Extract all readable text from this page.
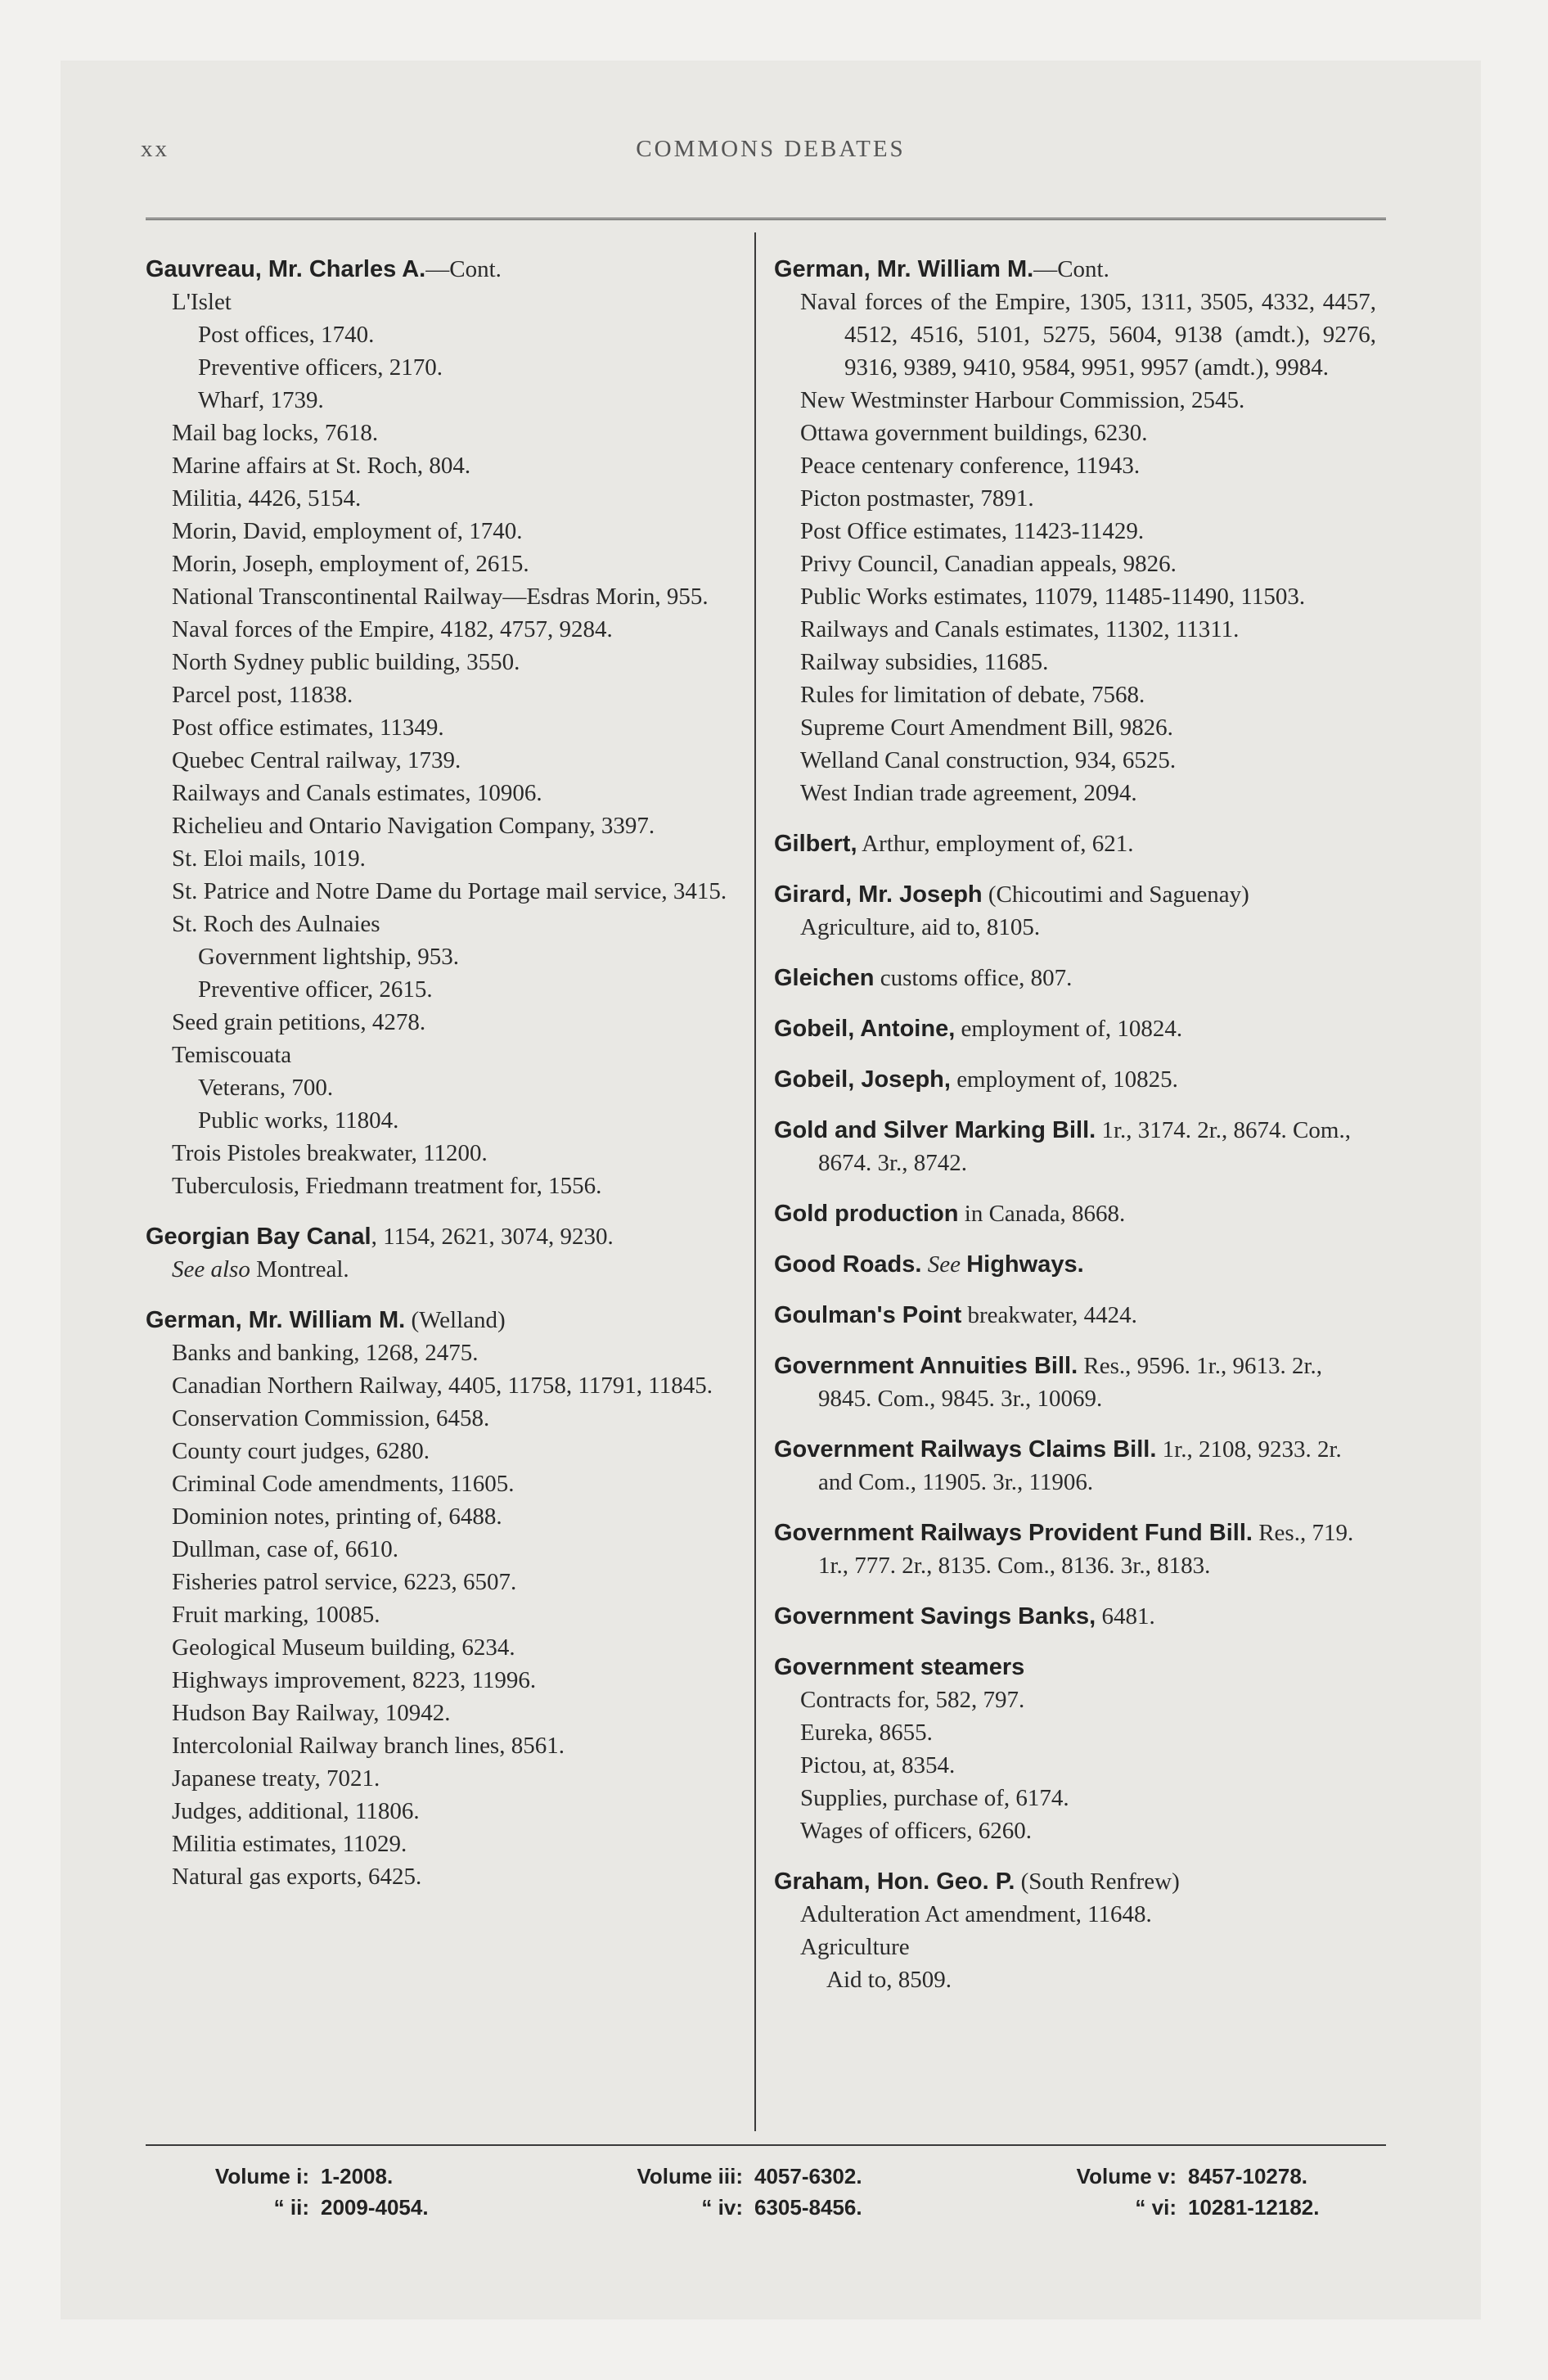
xx	COMMONS DEBATES
Gauvreau, Mr. Charles A.—Cont.
L'Islet
Post offices, 1740.
Preventive officers, 2170.
Wharf, 1739.
Mail bag locks, 7618.
Marine affairs at St. Roch, 804.
Militia, 4426, 5154.
Morin, David, employment of, 1740.
Morin, Joseph, employment of, 2615.
National Transcontinental Railway—Esdras Morin, 955.
Naval forces of the Empire, 4182, 4757, 9284.
North Sydney public building, 3550.
Parcel post, 11838.
Post office estimates, 11349.
Quebec Central railway, 1739.
Railways and Canals estimates, 10906.
Richelieu and Ontario Navigation Company, 3397.
St. Eloi mails, 1019.
St. Patrice and Notre Dame du Portage mail service, 3415.
St. Roch des Aulnaies
Government lightship, 953.
Preventive officer, 2615.
Seed grain petitions, 4278.
Temiscouata
Veterans, 700.
Public works, 11804.
Trois Pistoles breakwater, 11200.
Tuberculosis, Friedmann treatment for, 1556.
Georgian Bay Canal, 1154, 2621, 3074, 9230.
See also Montreal.
German, Mr. William M. (Welland)
Banks and banking, 1268, 2475.
Canadian Northern Railway, 4405, 11758, 11791, 11845.
Conservation Commission, 6458.
County court judges, 6280.
Criminal Code amendments, 11605.
Dominion notes, printing of, 6488.
Dullman, case of, 6610.
Fisheries patrol service, 6223, 6507.
Fruit marking, 10085.
Geological Museum building, 6234.
Highways improvement, 8223, 11996.
Hudson Bay Railway, 10942.
Intercolonial Railway branch lines, 8561.
Japanese treaty, 7021.
Judges, additional, 11806.
Militia estimates, 11029.
Natural gas exports, 6425.
German, Mr. William M.—Cont.
Naval forces of the Empire, 1305, 1311, 3505, 4332, 4457, 4512, 4516, 5101, 5275, 5604, 9138 (amdt.), 9276, 9316, 9389, 9410, 9584, 9951, 9957 (amdt.), 9984.
New Westminster Harbour Commission, 2545.
Ottawa government buildings, 6230.
Peace centenary conference, 11943.
Picton postmaster, 7891.
Post Office estimates, 11423-11429.
Privy Council, Canadian appeals, 9826.
Public Works estimates, 11079, 11485-11490, 11503.
Railways and Canals estimates, 11302, 11311.
Railway subsidies, 11685.
Rules for limitation of debate, 7568.
Supreme Court Amendment Bill, 9826.
Welland Canal construction, 934, 6525.
West Indian trade agreement, 2094.
Gilbert, Arthur, employment of, 621.
Girard, Mr. Joseph (Chicoutimi and Saguenay)
Agriculture, aid to, 8105.
Gleichen customs office, 807.
Gobeil, Antoine, employment of, 10824.
Gobeil, Joseph, employment of, 10825.
Gold and Silver Marking Bill. 1r., 3174. 2r., 8674. Com., 8674. 3r., 8742.
Gold production in Canada, 8668.
Good Roads. See Highways.
Goulman's Point breakwater, 4424.
Government Annuities Bill. Res., 9596. 1r., 9613. 2r., 9845. Com., 9845. 3r., 10069.
Government Railways Claims Bill. 1r., 2108, 9233. 2r. and Com., 11905. 3r., 11906.
Government Railways Provident Fund Bill. Res., 719. 1r., 777. 2r., 8135. Com., 8136. 3r., 8183.
Government Savings Banks, 6481.
Government steamers
Contracts for, 582, 797.
Eureka, 8655.
Pictou, at, 8354.
Supplies, purchase of, 6174.
Wages of officers, 6260.
Graham, Hon. Geo. P. (South Renfrew)
Adulteration Act amendment, 11648.
Agriculture
Aid to, 8509.
Volume i: 1-2008.
“ ii: 2009-4054.
Volume iii: 4057-6302.
“ iv: 6305-8456.
Volume v: 8457-10278.
“ vi: 10281-12182.
